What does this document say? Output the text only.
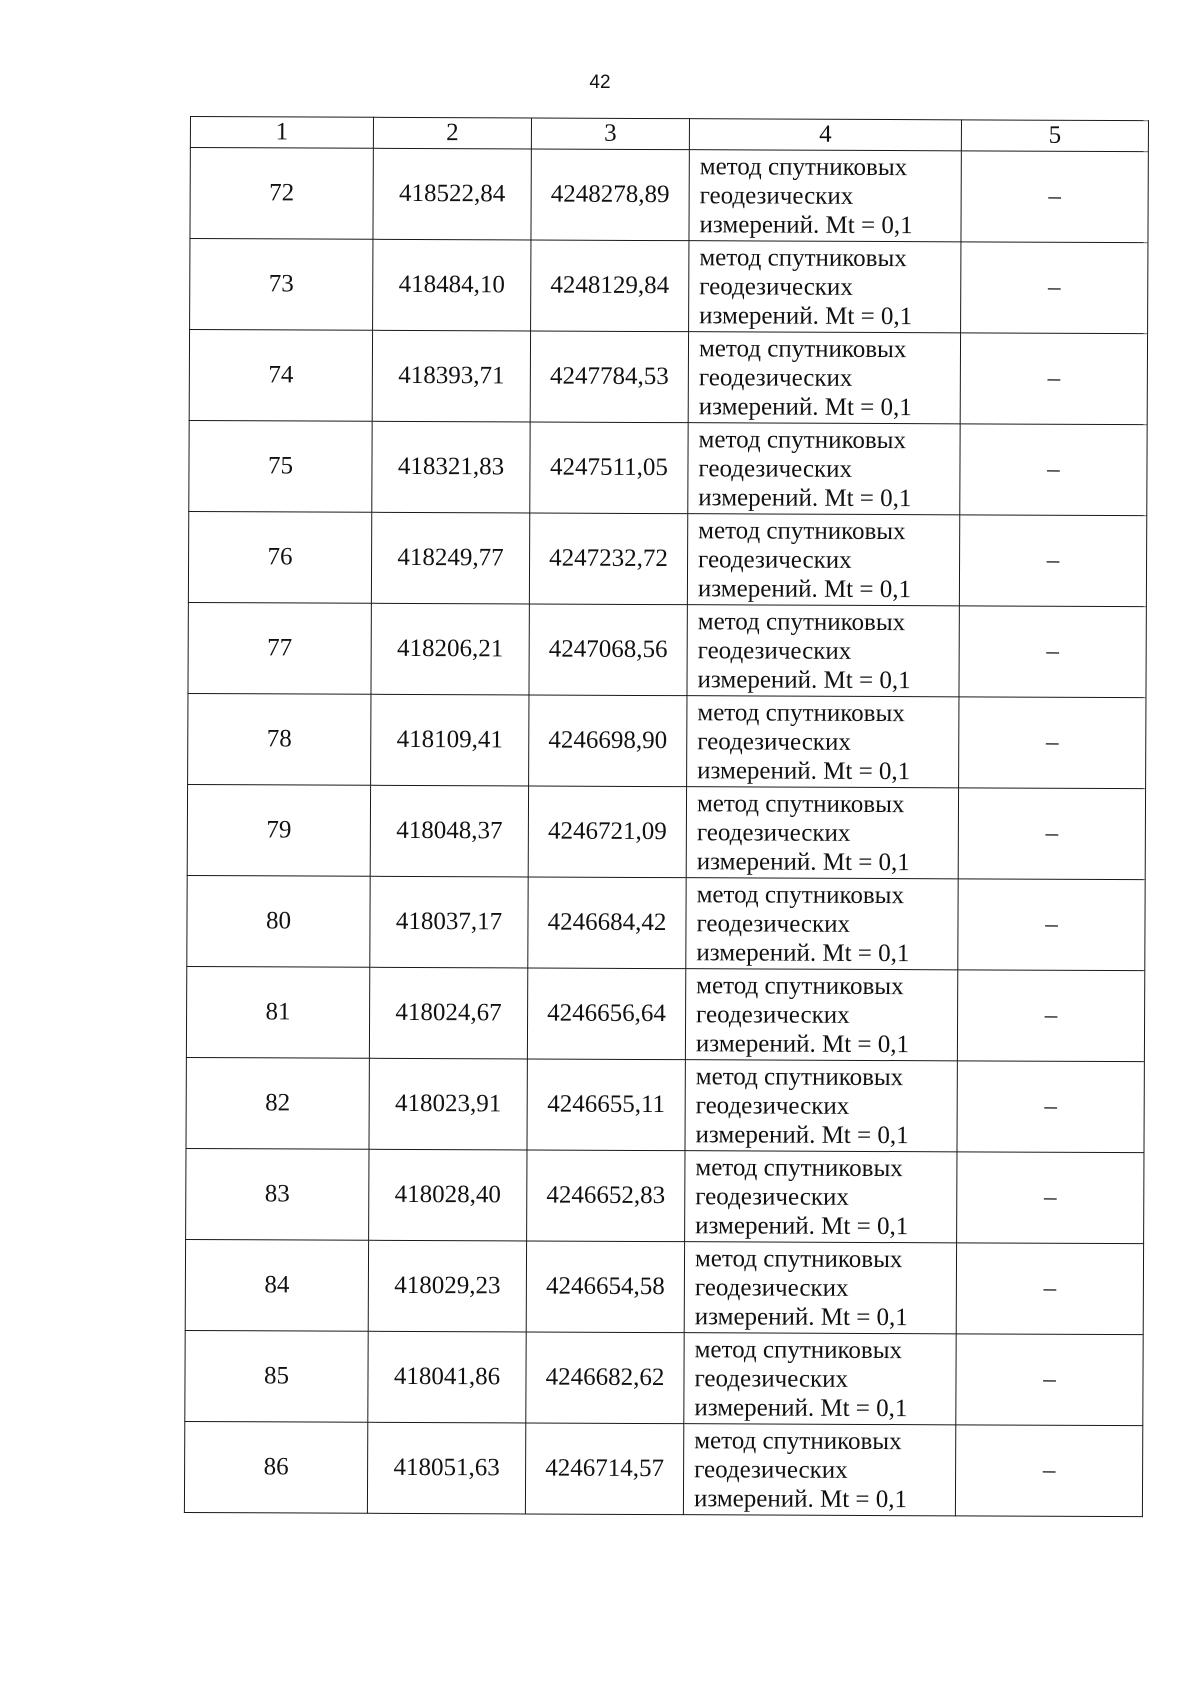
42
1	2	3	4	5
72	418522,84	4248278,89	метод спутниковых
геодезических
измерений. Mt = 0,1	–
73	418484,10	4248129,84	метод спутниковых
геодезических
измерений. Mt = 0,1	–
74	418393,71	4247784,53	метод спутниковых
геодезических
измерений. Mt = 0,1	–
75	418321,83	4247511,05	метод спутниковых
геодезических
измерений. Mt = 0,1	–
76	418249,77	4247232,72	метод спутниковых
геодезических
измерений. Mt = 0,1	–
77	418206,21	4247068,56	метод спутниковых
геодезических
измерений. Mt = 0,1	–
78	418109,41	4246698,90	метод спутниковых
геодезических
измерений. Mt = 0,1	–
79	418048,37	4246721,09	метод спутниковых
геодезических
измерений. Mt = 0,1	–
80	418037,17	4246684,42	метод спутниковых
геодезических
измерений. Mt = 0,1	–
81	418024,67	4246656,64	метод спутниковых
геодезических
измерений. Mt = 0,1	–
82	418023,91	4246655,11	метод спутниковых
геодезических
измерений. Mt = 0,1	–
83	418028,40	4246652,83	метод спутниковых
геодезических
измерений. Mt = 0,1	–
84	418029,23	4246654,58	метод спутниковых
геодезических
измерений. Mt = 0,1	–
85	418041,86	4246682,62	метод спутниковых
геодезических
измерений. Mt = 0,1	–
86	418051,63	4246714,57	метод спутниковых
геодезических
измерений. Mt = 0,1	–
